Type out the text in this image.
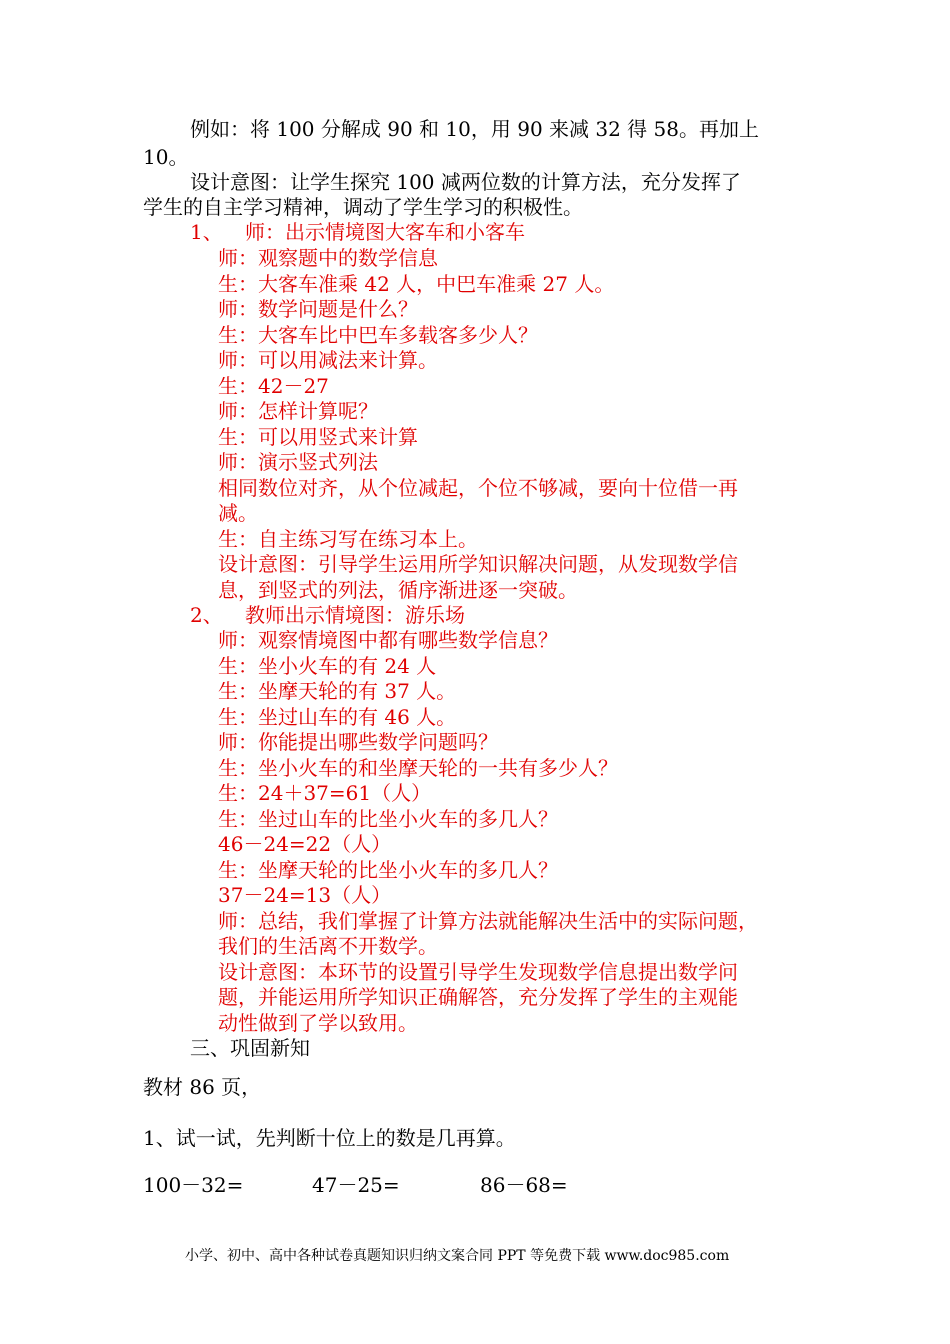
例如：将 100 分解成 90 和 10，用 90 来减 32 得 58。再加上
10。
设计意图：让学生探究 100 减两位数的计算方法，充分发挥了
学生的自主学习精神，调动了学生学习的积极性。
1、 师：出示情境图大客车和小客车
师：观察题中的数学信息
生：大客车准乘 42 人，中巴车准乘 27 人。
师：数学问题是什么？
生：大客车比中巴车多载客多少人？
师：可以用减法来计算。
生：42－27
师：怎样计算呢？
生：可以用竖式来计算
师：演示竖式列法
相同数位对齐，从个位减起，个位不够减，要向十位借一再
减。
生：自主练习写在练习本上。
设计意图：引导学生运用所学知识解决问题，从发现数学信
息，到竖式的列法，循序渐进逐一突破。
2、 教师出示情境图：游乐场
师：观察情境图中都有哪些数学信息？
生：坐小火车的有 24 人
生：坐摩天轮的有 37 人。
生：坐过山车的有 46 人。
师：你能提出哪些数学问题吗？
生：坐小火车的和坐摩天轮的一共有多少人？
生：24＋37=61（人）
生：坐过山车的比坐小火车的多几人？
46－24=22（人）
生：坐摩天轮的比坐小火车的多几人？
37－24=13（人）
师：总结，我们掌握了计算方法就能解决生活中的实际问题，
我们的生活离不开数学。
设计意图：本环节的设置引导学生发现数学信息提出数学问
题，并能运用所学知识正确解答，充分发挥了学生的主观能
动性做到了学以致用。
三、巩固新知
教材 86 页，
1、试一试，先判断十位上的数是几再算。
100－32=	47－25=	86－68=
小学、初中、高中各种试卷真题知识归纳文案合同 PPT 等免费下载 www.doc985.com
